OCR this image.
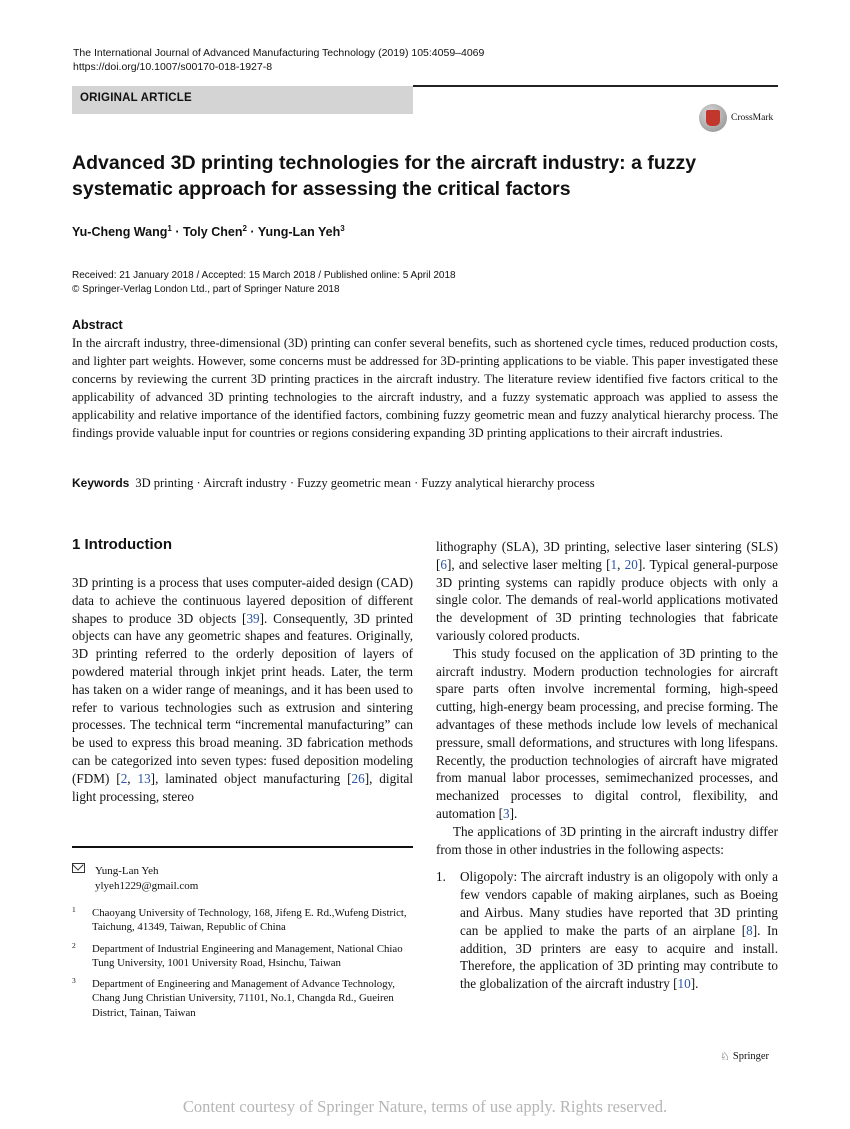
The International Journal of Advanced Manufacturing Technology (2019) 105:4059–4069
https://doi.org/10.1007/s00170-018-1927-8
ORIGINAL ARTICLE
CrossMark
Advanced 3D printing technologies for the aircraft industry: a fuzzy systematic approach for assessing the critical factors
Yu-Cheng Wang$^1$ · Toly Chen$^2$ · Yung-Lan Yeh$^3$
Received: 21 January 2018 / Accepted: 15 March 2018 / Published online: 5 April 2018
© Springer-Verlag London Ltd., part of Springer Nature 2018
Abstract
In the aircraft industry, three-dimensional (3D) printing can confer several benefits, such as shortened cycle times, reduced production costs, and lighter part weights. However, some concerns must be addressed for 3D-printing applications to be viable. This paper investigated these concerns by reviewing the current 3D printing practices in the aircraft industry. The literature review identified five factors critical to the applicability of advanced 3D printing technologies to the aircraft industry, and a fuzzy systematic approach was applied to assess the applicability and relative importance of the identified factors, combining fuzzy geometric mean and fuzzy analytical hierarchy process. The findings provide valuable input for countries or regions considering expanding 3D printing applications to their aircraft industries.
Keywords 3D printing · Aircraft industry · Fuzzy geometric mean · Fuzzy analytical hierarchy process
1 Introduction

3D printing is a process that uses computer-aided design (CAD) data to achieve the continuous layered deposition of different shapes to produce 3D objects [39]. Consequently, 3D printed objects can have any geometric shapes and features. Originally, 3D printing referred to the orderly deposition of layers of powdered material through inkjet print heads. Later, the term has taken on a wider range of meanings, and it has been used to refer to various technologies such as extrusion and sintering processes. The technical term “incremental manufacturing” can be used to express this broad meaning. 3D fabrication methods can be categorized into seven types: fused deposition modeling (FDM) [2, 13], laminated object manufacturing [26], digital light processing, stereo

lithography (SLA), 3D printing, selective laser sintering (SLS) [6], and selective laser melting [1, 20]. Typical general-purpose 3D printing systems can rapidly produce objects with only a single color. The demands of real-world applications motivated the development of 3D printing technologies that fabricate variously colored products.

This study focused on the application of 3D printing to the aircraft industry. Modern production technologies for aircraft spare parts often involve incremental forming, high-speed cutting, high-energy beam processing, and precise forming. The advantages of these methods include low levels of mechanical pressure, small deformations, and structures with long lifespans. Recently, the production technologies of aircraft have migrated from manual labor processes, semimechanized processes, and mechanized processes to digital control, flexibility, and automation [3].

The applications of 3D printing in the aircraft industry differ from those in other industries in the following aspects:

1.	Oligopoly: The aircraft industry is an oligopoly with only a few vendors capable of making airplanes, such as Boeing and Airbus. Many studies have reported that 3D printing can be applied to make the parts of an airplane [8]. In addition, 3D printers are easy to acquire and install. Therefore, the application of 3D printing may contribute to the globalization of the aircraft industry [10].
Yung-Lan Yeh
ylyeh1229@gmail.com
1	Chaoyang University of Technology, 168, Jifeng E. Rd.,Wufeng District, Taichung, 41349, Taiwan, Republic of China
2	Department of Industrial Engineering and Management, National Chiao Tung University, 1001 University Road, Hsinchu, Taiwan
3	Department of Engineering and Management of Advance Technology, Chang Jung Christian University, 71101, No.1, Changda Rd., Gueiren District, Tainan, Taiwan
♘ Springer
Content courtesy of Springer Nature, terms of use apply. Rights reserved.
